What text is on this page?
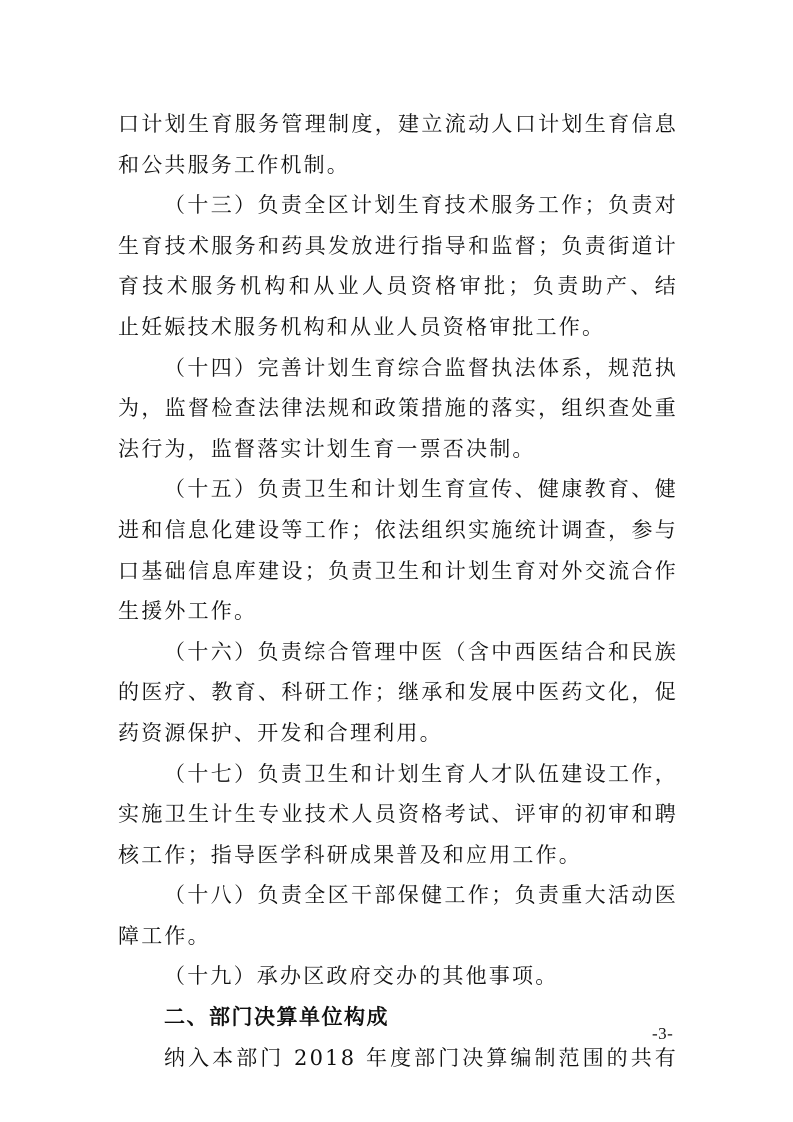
口计划生育服务管理制度，建立流动人口计划生育信息
和公共服务工作机制。
（十三）负责全区计划生育技术服务工作；负责对
生育技术服务和药具发放进行指导和监督；负责街道计
育技术服务机构和从业人员资格审批；负责助产、结
止妊娠技术服务机构和从业人员资格审批工作。
（十四）完善计划生育综合监督执法体系，规范执
为，监督检查法律法规和政策措施的落实，组织查处重
法行为，监督落实计划生育一票否决制。
（十五）负责卫生和计划生育宣传、健康教育、健
进和信息化建设等工作；依法组织实施统计调查，参与
口基础信息库建设；负责卫生和计划生育对外交流合作
生援外工作。
（十六）负责综合管理中医（含中西医结合和民族
的医疗、教育、科研工作；继承和发展中医药文化，促
药资源保护、开发和合理利用。
（十七）负责卫生和计划生育人才队伍建设工作，
实施卫生计生专业技术人员资格考试、评审的初审和聘
核工作；指导医学科研成果普及和应用工作。
（十八）负责全区干部保健工作；负责重大活动医
障工作。
（十九）承办区政府交办的其他事项。
二、部门决算单位构成
纳入本部门 2018 年度部门决算编制范围的共有
-3-
